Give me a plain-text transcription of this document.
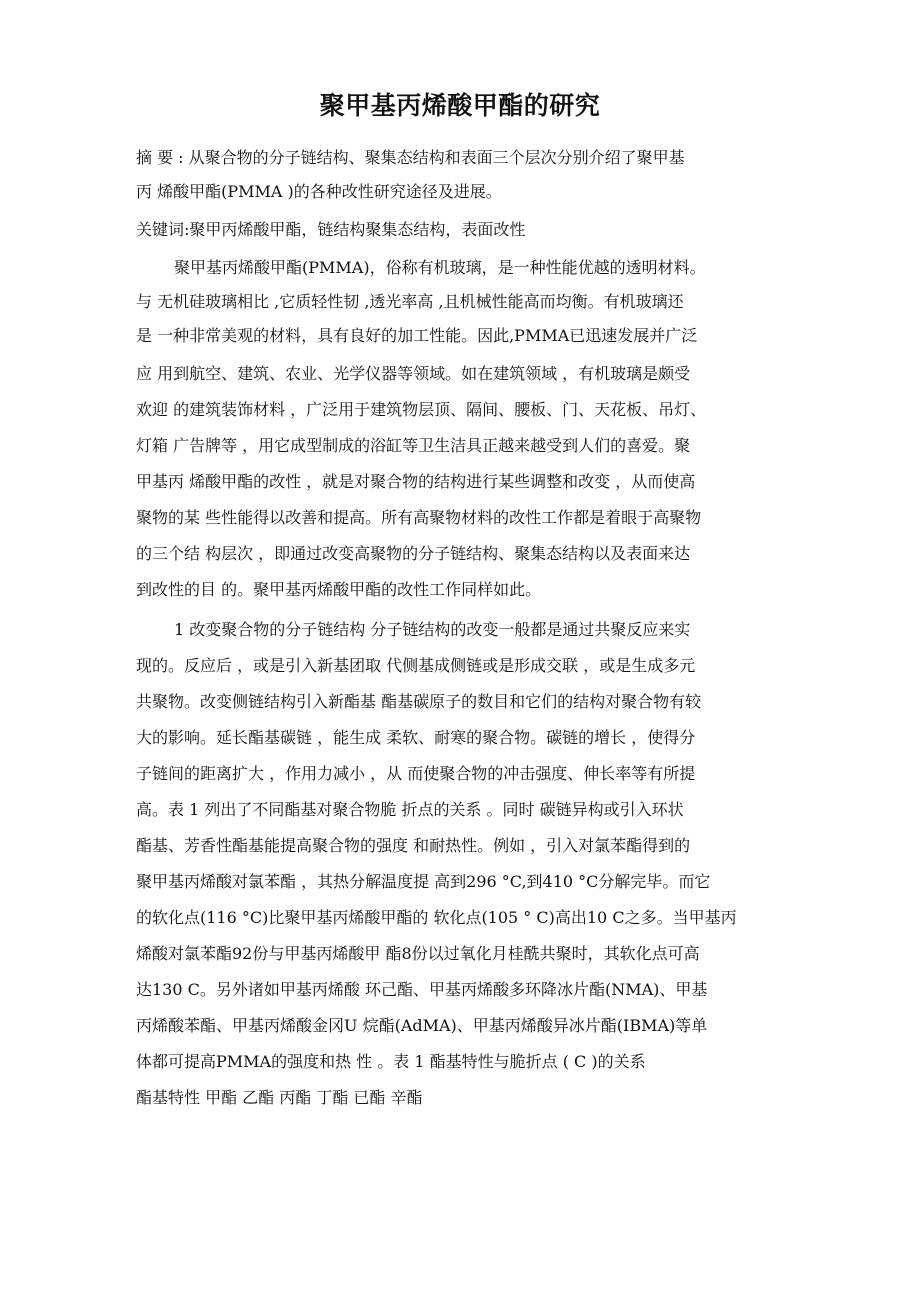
聚甲基丙烯酸甲酯的研究

摘 要 : 从聚合物的分子链结构、聚集态结构和表面三个层次分别介绍了聚甲基

丙 烯酸甲酯(PMMA )的各种改性研究途径及进展。

关键词:聚甲丙烯酸甲酯，链结构聚集态结构，表面改性

聚甲基丙烯酸甲酯(PMMA)，俗称有机玻璃，是一种性能优越的透明材料。

与 无机硅玻璃相比 ,它质轻性韧 ,透光率高 ,且机械性能高而均衡。有机玻璃还

是 一种非常美观的材料，具有良好的加工性能。因此,PMMA已迅速发展并广泛

应 用到航空、建筑、农业、光学仪器等领域。如在建筑领域 ，有机玻璃是颇受

欢迎 的建筑装饰材料 ，广泛用于建筑物层顶、隔间、腰板、门、天花板、吊灯、

灯箱 广告牌等 ，用它成型制成的浴缸等卫生洁具正越来越受到人们的喜爱。聚

甲基丙 烯酸甲酯的改性 ，就是对聚合物的结构进行某些调整和改变 ，从而使高

聚物的某 些性能得以改善和提高。所有高聚物材料的改性工作都是着眼于高聚物

的三个结 构层次 ，即通过改变高聚物的分子链结构、聚集态结构以及表面来达

到改性的目 的。聚甲基丙烯酸甲酯的改性工作同样如此。

1 改变聚合物的分子链结构 分子链结构的改变一般都是通过共聚反应来实

现的。反应后 ，或是引入新基团取 代侧基成侧链或是形成交联 ，或是生成多元

共聚物。改变侧链结构引入新酯基 酯基碳原子的数目和它们的结构对聚合物有较

大的影响。延长酯基碳链 ，能生成 柔软、耐寒的聚合物。碳链的增长 ，使得分

子链间的距离扩大 ，作用力减小 ，从 而使聚合物的冲击强度、伸长率等有所提

高。表 1 列出了不同酯基对聚合物脆 折点的关系 。同时 碳链异构或引入环状

酯基、芳香性酯基能提高聚合物的强度 和耐热性。例如 ，引入对氯苯酯得到的

聚甲基丙烯酸对氯苯酯 ，其热分解温度提 高到296 °C,到410 °C分解完毕。而它

的软化点(116 °C)比聚甲基丙烯酸甲酯的 软化点(105 ° C)高出10 C之多。当甲基丙

烯酸对氯苯酯92份与甲基丙烯酸甲 酯8份以过氧化月桂酰共聚时，其软化点可高

达130 C。另外诸如甲基丙烯酸 环己酯、甲基丙烯酸多环降冰片酯(NMA)、甲基

丙烯酸苯酯、甲基丙烯酸金冈U 烷酯(AdMA)、甲基丙烯酸异冰片酯(IBMA)等单

体都可提高PMMA的强度和热 性 。表 1 酯基特性与脆折点 ( C )的关系

酯基特性 甲酯 乙酯 丙酯 丁酯 已酯 辛酯
